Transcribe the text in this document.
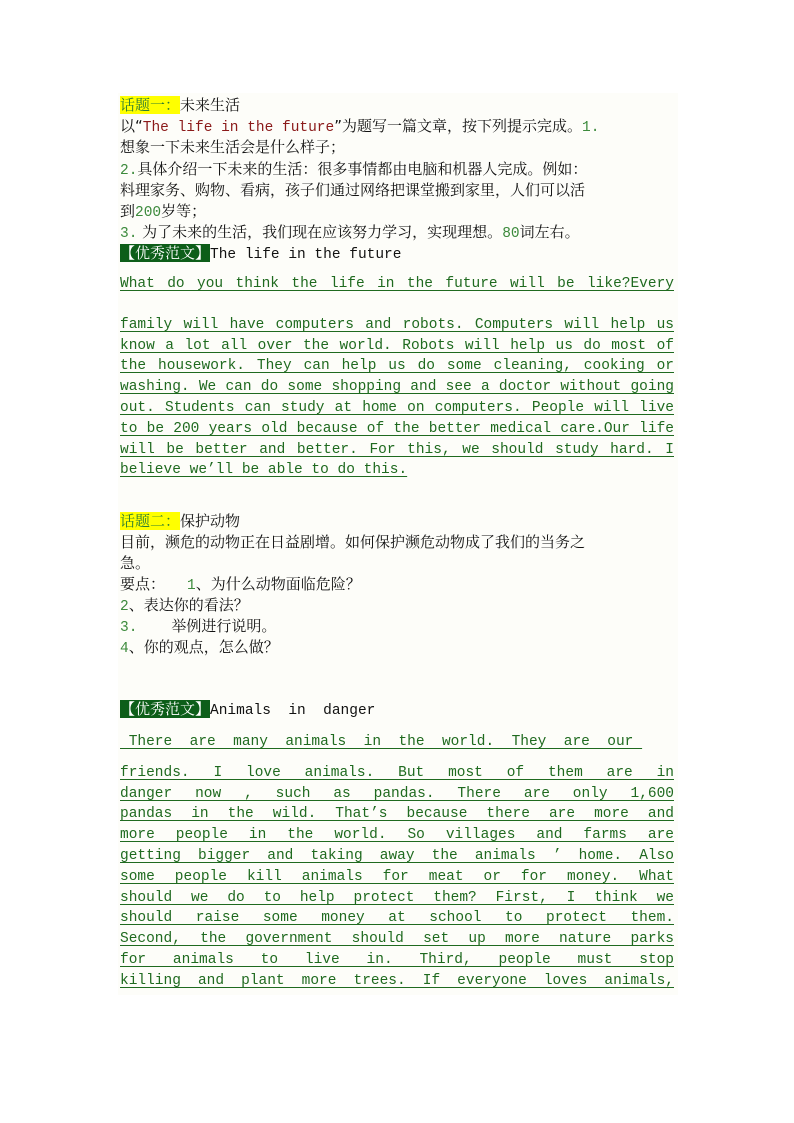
话题一：未来生活
以“The life in the future”为题写一篇文章，按下列提示完成。1.
想象一下未来生活会是什么样子；
2.具体介绍一下未来的生活：很多事情都由电脑和机器人完成。例如：
料理家务、购物、看病，孩子们通过网络把课堂搬到家里，人们可以活
到200岁等；
3. 为了未来的生活，我们现在应该努力学习，实现理想。80词左右。
【优秀范文】The life in the future
What do you think the life in the future will be like?Every
family will have computers and robots. Computers will help us
know a lot all over the world. Robots will help us do most of
the housework. They can help us do some cleaning, cooking or
washing. We can do some shopping and see a doctor without going
out. Students can study at home on computers. People will live
to be 200 years old because of the better medical care.Our life
will be better and better. For this, we should study hard. I
believe we’ll be able to do this.
话题二：保护动物
目前，濒危的动物正在日益剧增。如何保护濒危动物成了我们的当务之
急。
要点： 1、为什么动物面临危险？
2、表达你的看法？
3. 举例进行说明。
4、你的观点，怎么做？
【优秀范文】Animals  in  danger
There  are  many  animals  in  the  world.  They  are  our
friends. I love animals. But most of them are in
danger now , such as pandas. There are only 1,600
pandas in the wild. That’s because there are more and
more people in the world. So villages and farms are
getting bigger and taking away the animals ’ home. Also
some people kill animals for meat or for money. What
should we do to help protect them? First, I think we
should raise some money at school to protect them.
Second, the government should set up more nature parks
for animals to live in. Third, people must stop
killing and plant more trees. If everyone loves animals,
